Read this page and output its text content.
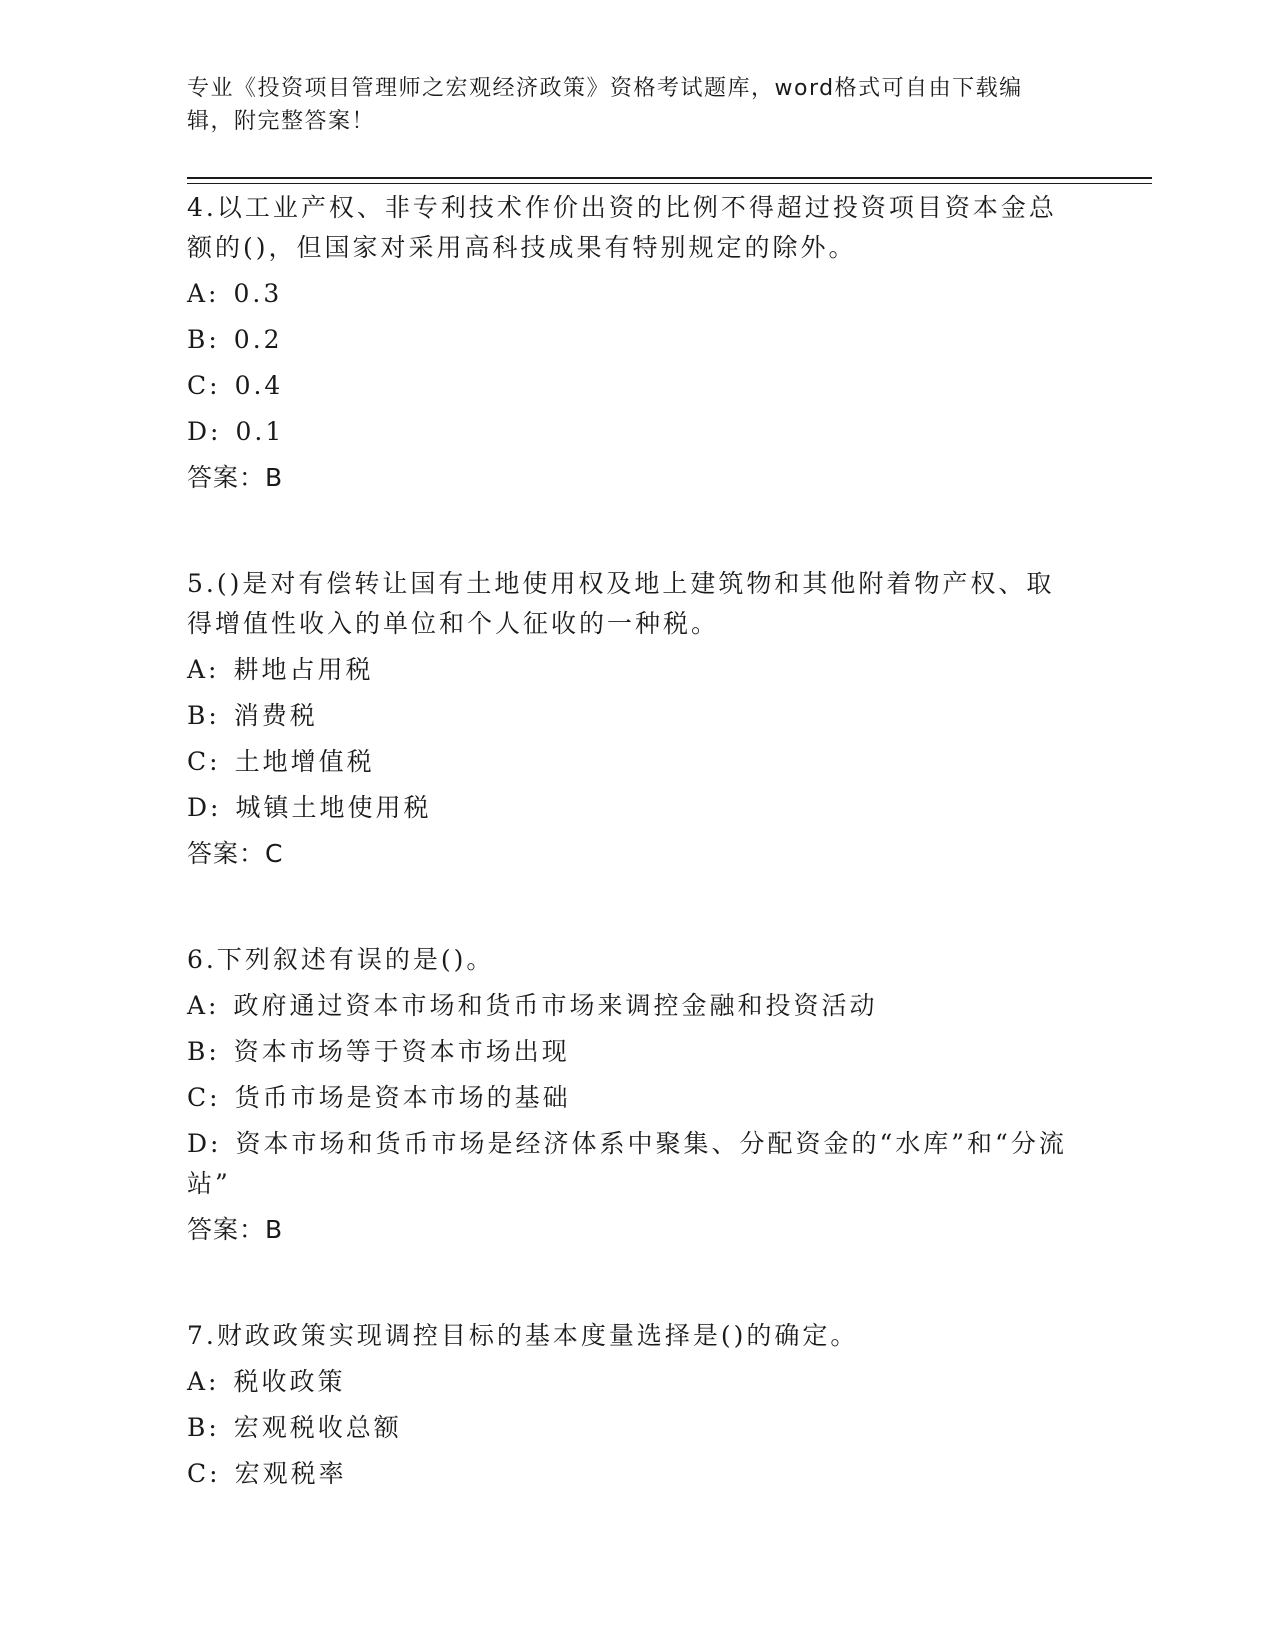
专业《投资项目管理师之宏观经济政策》资格考试题库，word格式可自由下载编辑，附完整答案！
4.以工业产权、非专利技术作价出资的比例不得超过投资项目资本金总额的()，但国家对采用高科技成果有特别规定的除外。
A: 0.3
B: 0.2
C: 0.4
D: 0.1
答案：B
5.()是对有偿转让国有土地使用权及地上建筑物和其他附着物产权、取得增值性收入的单位和个人征收的一种税。
A: 耕地占用税
B: 消费税
C: 土地增值税
D: 城镇土地使用税
答案：C
6.下列叙述有误的是()。
A: 政府通过资本市场和货币市场来调控金融和投资活动
B: 资本市场等于资本市场出现
C: 货币市场是资本市场的基础
D: 资本市场和货币市场是经济体系中聚集、分配资金的“水库”和“分流站”
答案：B
7.财政政策实现调控目标的基本度量选择是()的确定。
A: 税收政策
B: 宏观税收总额
C: 宏观税率
